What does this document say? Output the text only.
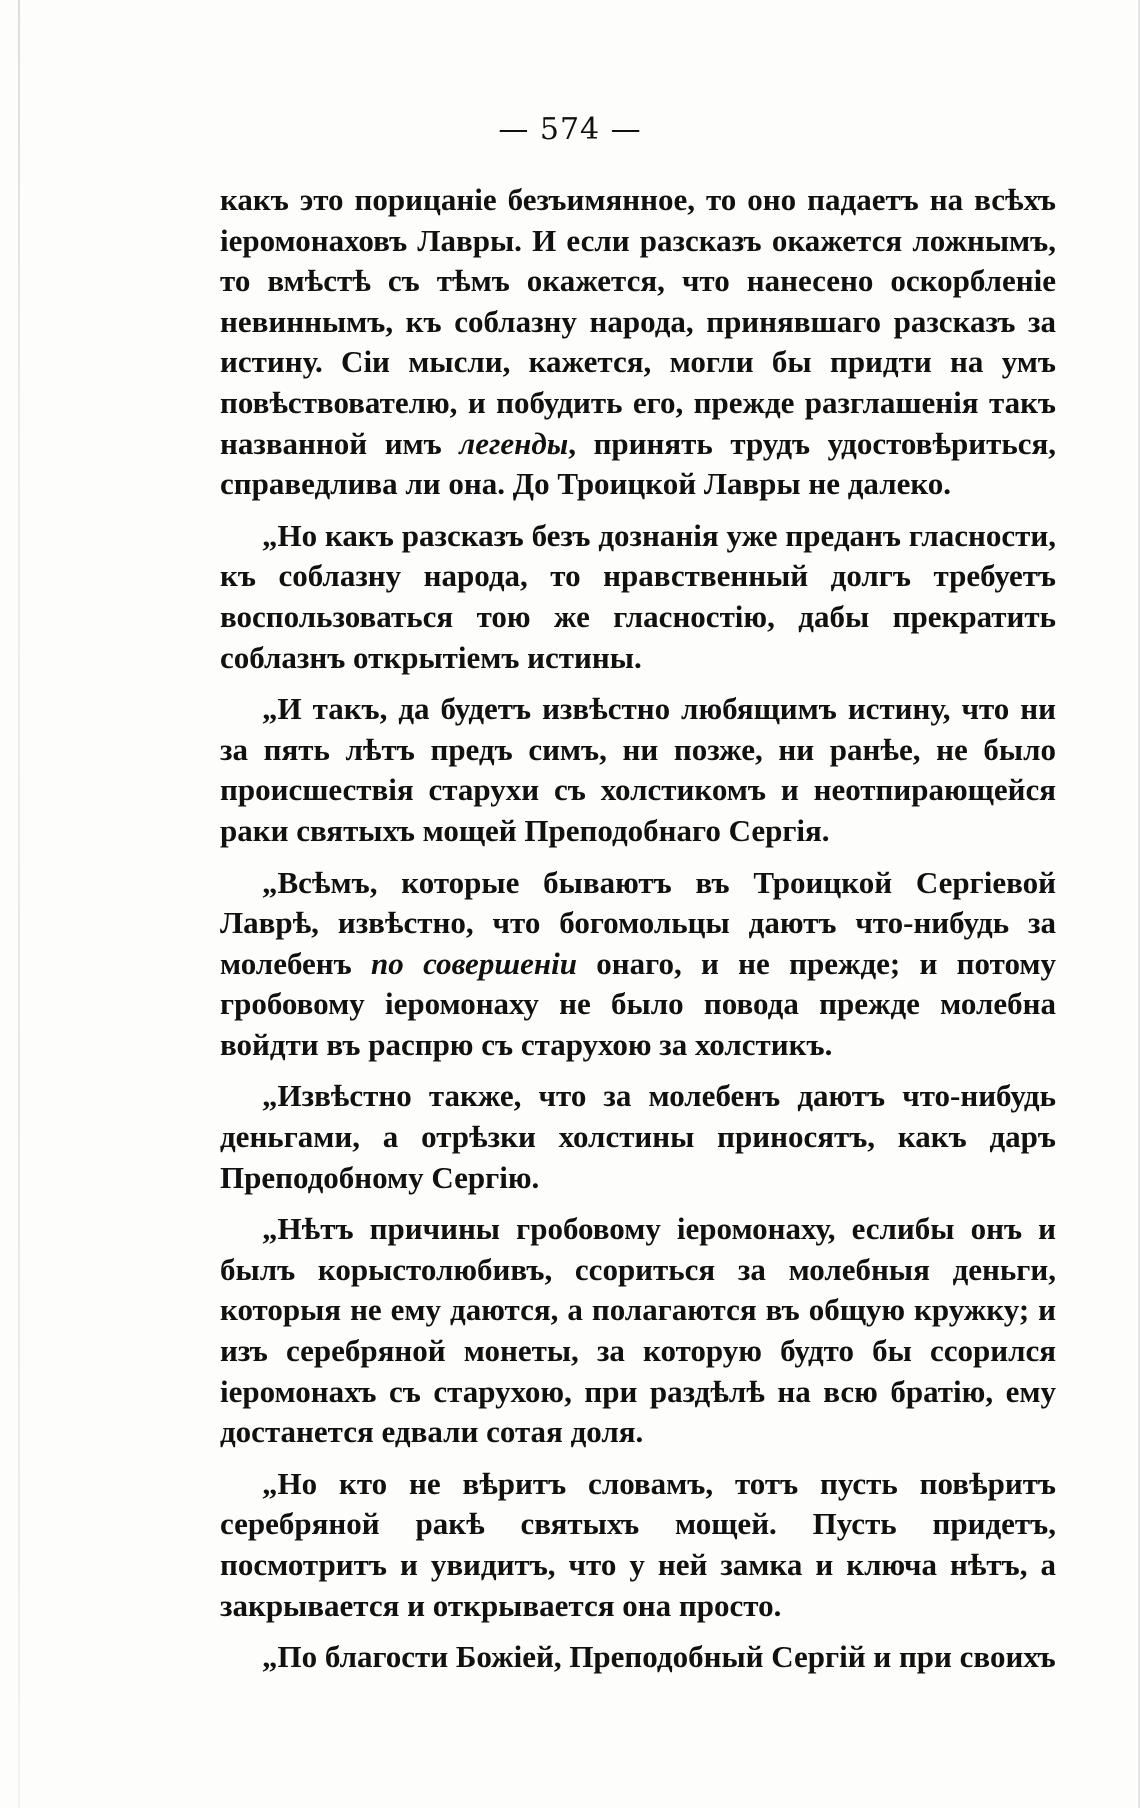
— 574 —

какъ это порицанiе безъимянное, то оно падаетъ на всѣхъ iеромонаховъ Лавры. И если разсказъ окажется ложнымъ, то вмѣстѣ съ тѣмъ окажется, что нанесено оскорбленiе невиннымъ, къ соблазну народа, принявшаго разсказъ за истину. Сiи мысли, кажется, могли бы придти на умъ повѣствователю, и побудить его, прежде разглашенiя такъ названной имъ легенды, принять трудъ удостовѣриться, справедлива ли она. До Троицкой Лавры не далеко.

„Но какъ разсказъ безъ дознанiя уже преданъ гласности, къ соблазну народа, то нравственный долгъ требуетъ воспользоваться тою же гласностiю, дабы прекратить соблазнъ открытiемъ истины.

„И такъ, да будетъ извѣстно любящимъ истину, что ни за пять лѣтъ предъ симъ, ни позже, ни ранѣе, не было происшествiя старухи съ холстикомъ и неотпирающейся раки святыхъ мощей Преподобнаго Сергiя.

„Всѣмъ, которые бываютъ въ Троицкой Сергiевой Лаврѣ, извѣстно, что богомольцы даютъ что-нибудь за молебенъ по совершенiи онаго, и не прежде; и потому гробовому iеромонаху не было повода прежде молебна войдти въ распрю съ старухою за холстикъ.

„Извѣстно также, что за молебенъ даютъ что-нибудь деньгами, а отрѣзки холстины приносятъ, какъ даръ Преподобному Сергiю.

„Нѣтъ причины гробовому iеромонаху, еслибы онъ и былъ корыстолюбивъ, ссориться за молебныя деньги, которыя не ему даются, а полагаются въ общую кружку; и изъ серебряной монеты, за которую будто бы ссорился iеромонахъ съ старухою, при раздѣлѣ на всю братiю, ему достанется едвали сотая доля.

„Но кто не вѣритъ словамъ, тотъ пусть повѣритъ серебряной ракѣ святыхъ мощей. Пусть придетъ, посмотритъ и увидитъ, что у ней замка и ключа нѣтъ, а закрывается и открывается она просто.

„По благости Божiей, Преподобный Сергiй и при своихъ
